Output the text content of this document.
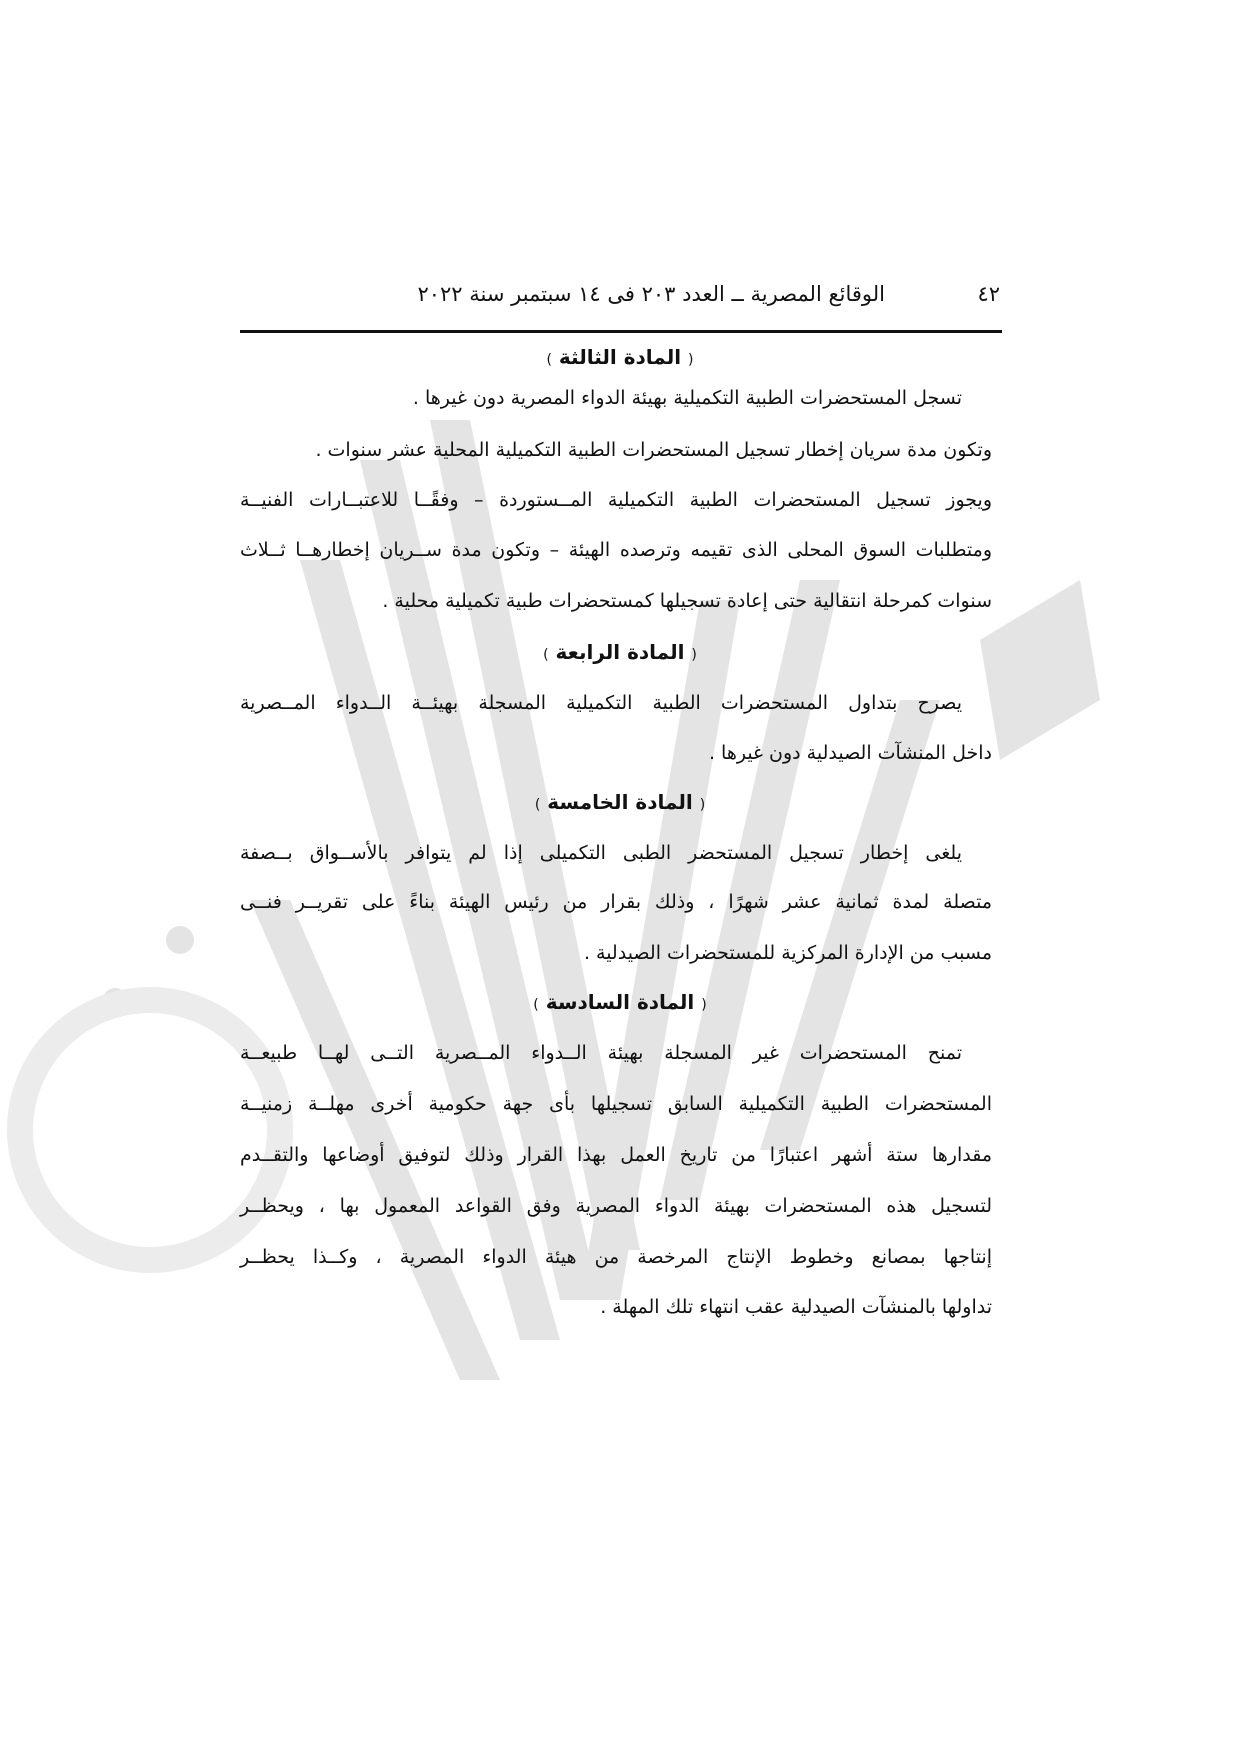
٤٢
الوقائع المصرية ــ العدد ٢٠٣ فى ١٤ سبتمبر سنة ٢٠٢٢
( المادة الثالثة )
تسجل المستحضرات الطبية التكميلية بهيئة الدواء المصرية دون غيرها .
وتكون مدة سريان إخطار تسجيل المستحضرات الطبية التكميلية المحلية عشر سنوات .
ويجوز تسجيل المستحضرات الطبية التكميلية المــستوردة – وفقًــا للاعتبــارات الفنيــة
ومتطلبات السوق المحلى الذى تقيمه وترصده الهيئة – وتكون مدة ســريان إخطارهــا ثــلاث
سنوات كمرحلة انتقالية حتى إعادة تسجيلها كمستحضرات طبية تكميلية محلية .
( المادة الرابعة )
يصرح بتداول المستحضرات الطبية التكميلية المسجلة بهيئــة الــدواء المــصرية
داخل المنشآت الصيدلية دون غيرها .
( المادة الخامسة )
يلغى إخطار تسجيل المستحضر الطبى التكميلى إذا لم يتوافر بالأســواق بــصفة
متصلة لمدة ثمانية عشر شهرًا ، وذلك بقرار من رئيس الهيئة بناءً على تقريــر فنــى
مسبب من الإدارة المركزية للمستحضرات الصيدلية .
( المادة السادسة )
تمنح المستحضرات غير المسجلة بهيئة الــدواء المــصرية التــى لهــا طبيعــة
المستحضرات الطبية التكميلية السابق تسجيلها بأى جهة حكومية أخرى مهلــة زمنيــة
مقدارها ستة أشهر اعتبارًا من تاريخ العمل بهذا القرار وذلك لتوفيق أوضاعها والتقــدم
لتسجيل هذه المستحضرات بهيئة الدواء المصرية وفق القواعد المعمول بها ، ويحظــر
إنتاجها بمصانع وخطوط الإنتاج المرخصة من هيئة الدواء المصرية ، وكــذا يحظــر
تداولها بالمنشآت الصيدلية عقب انتهاء تلك المهلة .
